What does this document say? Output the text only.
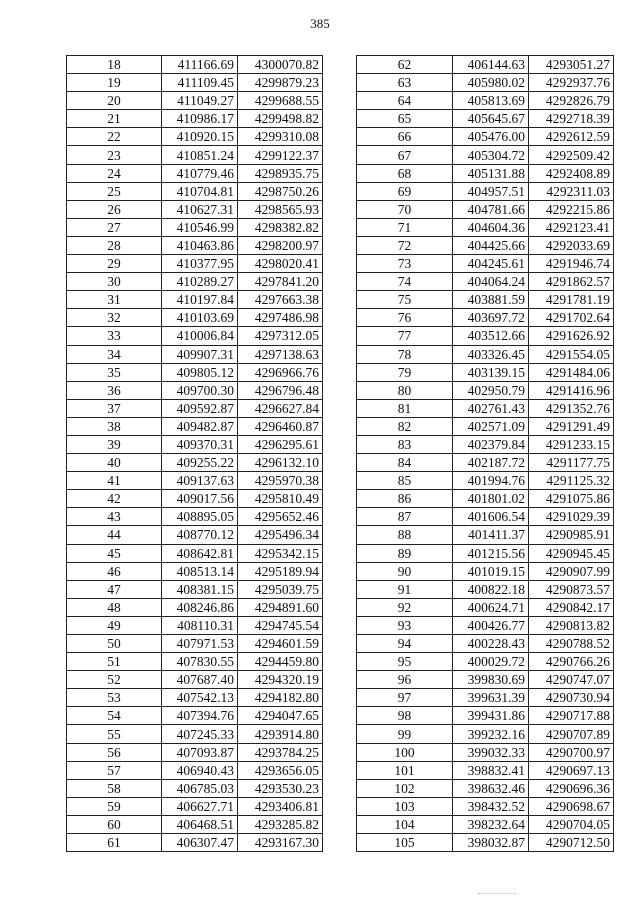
385
18	411166.69	4300070.82
19	411109.45	4299879.23
20	411049.27	4299688.55
21	410986.17	4299498.82
22	410920.15	4299310.08
23	410851.24	4299122.37
24	410779.46	4298935.75
25	410704.81	4298750.26
26	410627.31	4298565.93
27	410546.99	4298382.82
28	410463.86	4298200.97
29	410377.95	4298020.41
30	410289.27	4297841.20
31	410197.84	4297663.38
32	410103.69	4297486.98
33	410006.84	4297312.05
34	409907.31	4297138.63
35	409805.12	4296966.76
36	409700.30	4296796.48
37	409592.87	4296627.84
38	409482.87	4296460.87
39	409370.31	4296295.61
40	409255.22	4296132.10
41	409137.63	4295970.38
42	409017.56	4295810.49
43	408895.05	4295652.46
44	408770.12	4295496.34
45	408642.81	4295342.15
46	408513.14	4295189.94
47	408381.15	4295039.75
48	408246.86	4294891.60
49	408110.31	4294745.54
50	407971.53	4294601.59
51	407830.55	4294459.80
52	407687.40	4294320.19
53	407542.13	4294182.80
54	407394.76	4294047.65
55	407245.33	4293914.80
56	407093.87	4293784.25
57	406940.43	4293656.05
58	406785.03	4293530.23
59	406627.71	4293406.81
60	406468.51	4293285.82
61	406307.47	4293167.30
62	406144.63	4293051.27
63	405980.02	4292937.76
64	405813.69	4292826.79
65	405645.67	4292718.39
66	405476.00	4292612.59
67	405304.72	4292509.42
68	405131.88	4292408.89
69	404957.51	4292311.03
70	404781.66	4292215.86
71	404604.36	4292123.41
72	404425.66	4292033.69
73	404245.61	4291946.74
74	404064.24	4291862.57
75	403881.59	4291781.19
76	403697.72	4291702.64
77	403512.66	4291626.92
78	403326.45	4291554.05
79	403139.15	4291484.06
80	402950.79	4291416.96
81	402761.43	4291352.76
82	402571.09	4291291.49
83	402379.84	4291233.15
84	402187.72	4291177.75
85	401994.76	4291125.32
86	401801.02	4291075.86
87	401606.54	4291029.39
88	401411.37	4290985.91
89	401215.56	4290945.45
90	401019.15	4290907.99
91	400822.18	4290873.57
92	400624.71	4290842.17
93	400426.77	4290813.82
94	400228.43	4290788.52
95	400029.72	4290766.26
96	399830.69	4290747.07
97	399631.39	4290730.94
98	399431.86	4290717.88
99	399232.16	4290707.89
100	399032.33	4290700.97
101	398832.41	4290697.13
102	398632.46	4290696.36
103	398432.52	4290698.67
104	398232.64	4290704.05
105	398032.87	4290712.50
